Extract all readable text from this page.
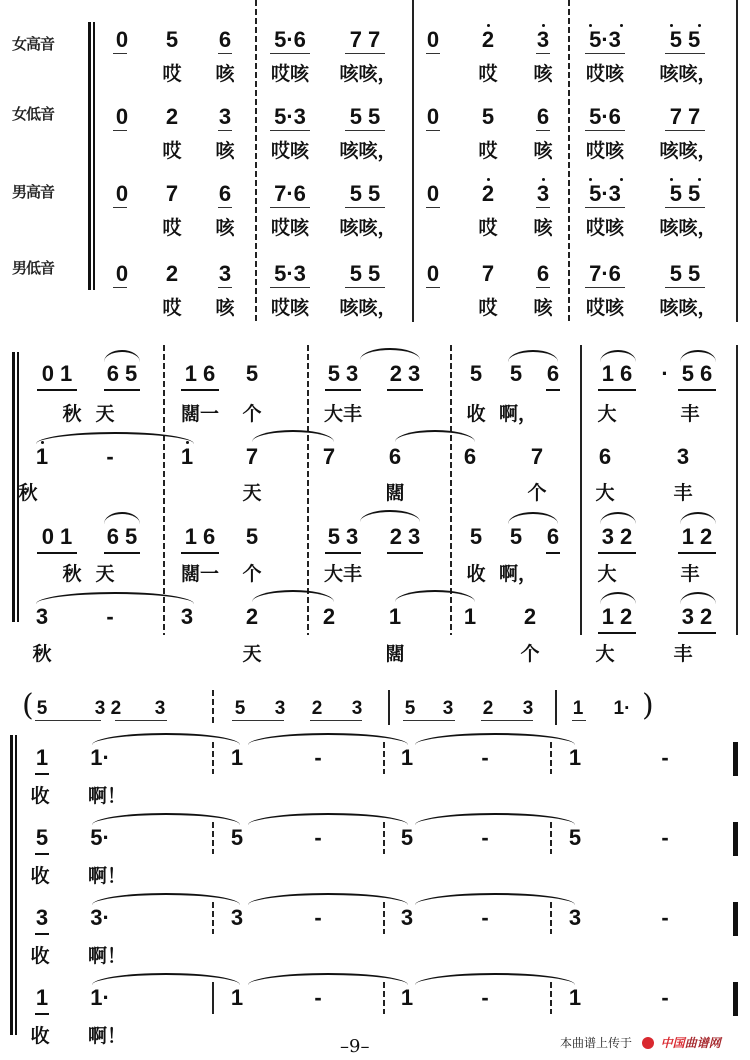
女高音
女低音
男高音
男低音
0	5	6	5·6	7 7	0	2	3	5·3	5 5
哎	咳	哎咳	咳咳，	哎	咳	哎咳	咳咳，
0	2	3	5·3	5 5	0	5	6	5·6	7 7
哎	咳	哎咳	咳咳，	哎	咳	哎咳	咳咳，
0	7	6	7·6	5 5	0	2	3	5·3	5 5
哎	咳	哎咳	咳咳，	哎	咳	哎咳	咳咳，
0	2	3	5·3	5 5	0	7	6	7·6	5 5
哎	咳	哎咳	咳咳，	哎	咳	哎咳	咳咳，
0 1	6 5	1 6	5	5 3	2 3	5	5	6	1 6	· 5 6
秋 天	闊一	个	大丰	收 啊，	大	丰
1	-	1	7	7	6	6	7	6	3
秋	天	闊	个	大	丰
0 1	6 5	1 6	5	5 3	2 3	5	5	6	3 2	1 2
秋 天	闊一	个	大丰	收 啊，	大	丰
3	-	3	2	2	1	1	2	1 2	3 2
秋	天	闊	个	大	丰
( 5	3 2	3	5	3	2	3	5	3	2	3	1	1· )
1	1·	1	-	1	-	1	-
收	啊！
5	5·	5	-	5	-	5	-
收	啊！
3	3·	3	-	3	-	3	-
收	啊！
1	1·	1	-	1	-	1	-
收	啊！	–9–	本曲谱上传于 中国曲谱网
